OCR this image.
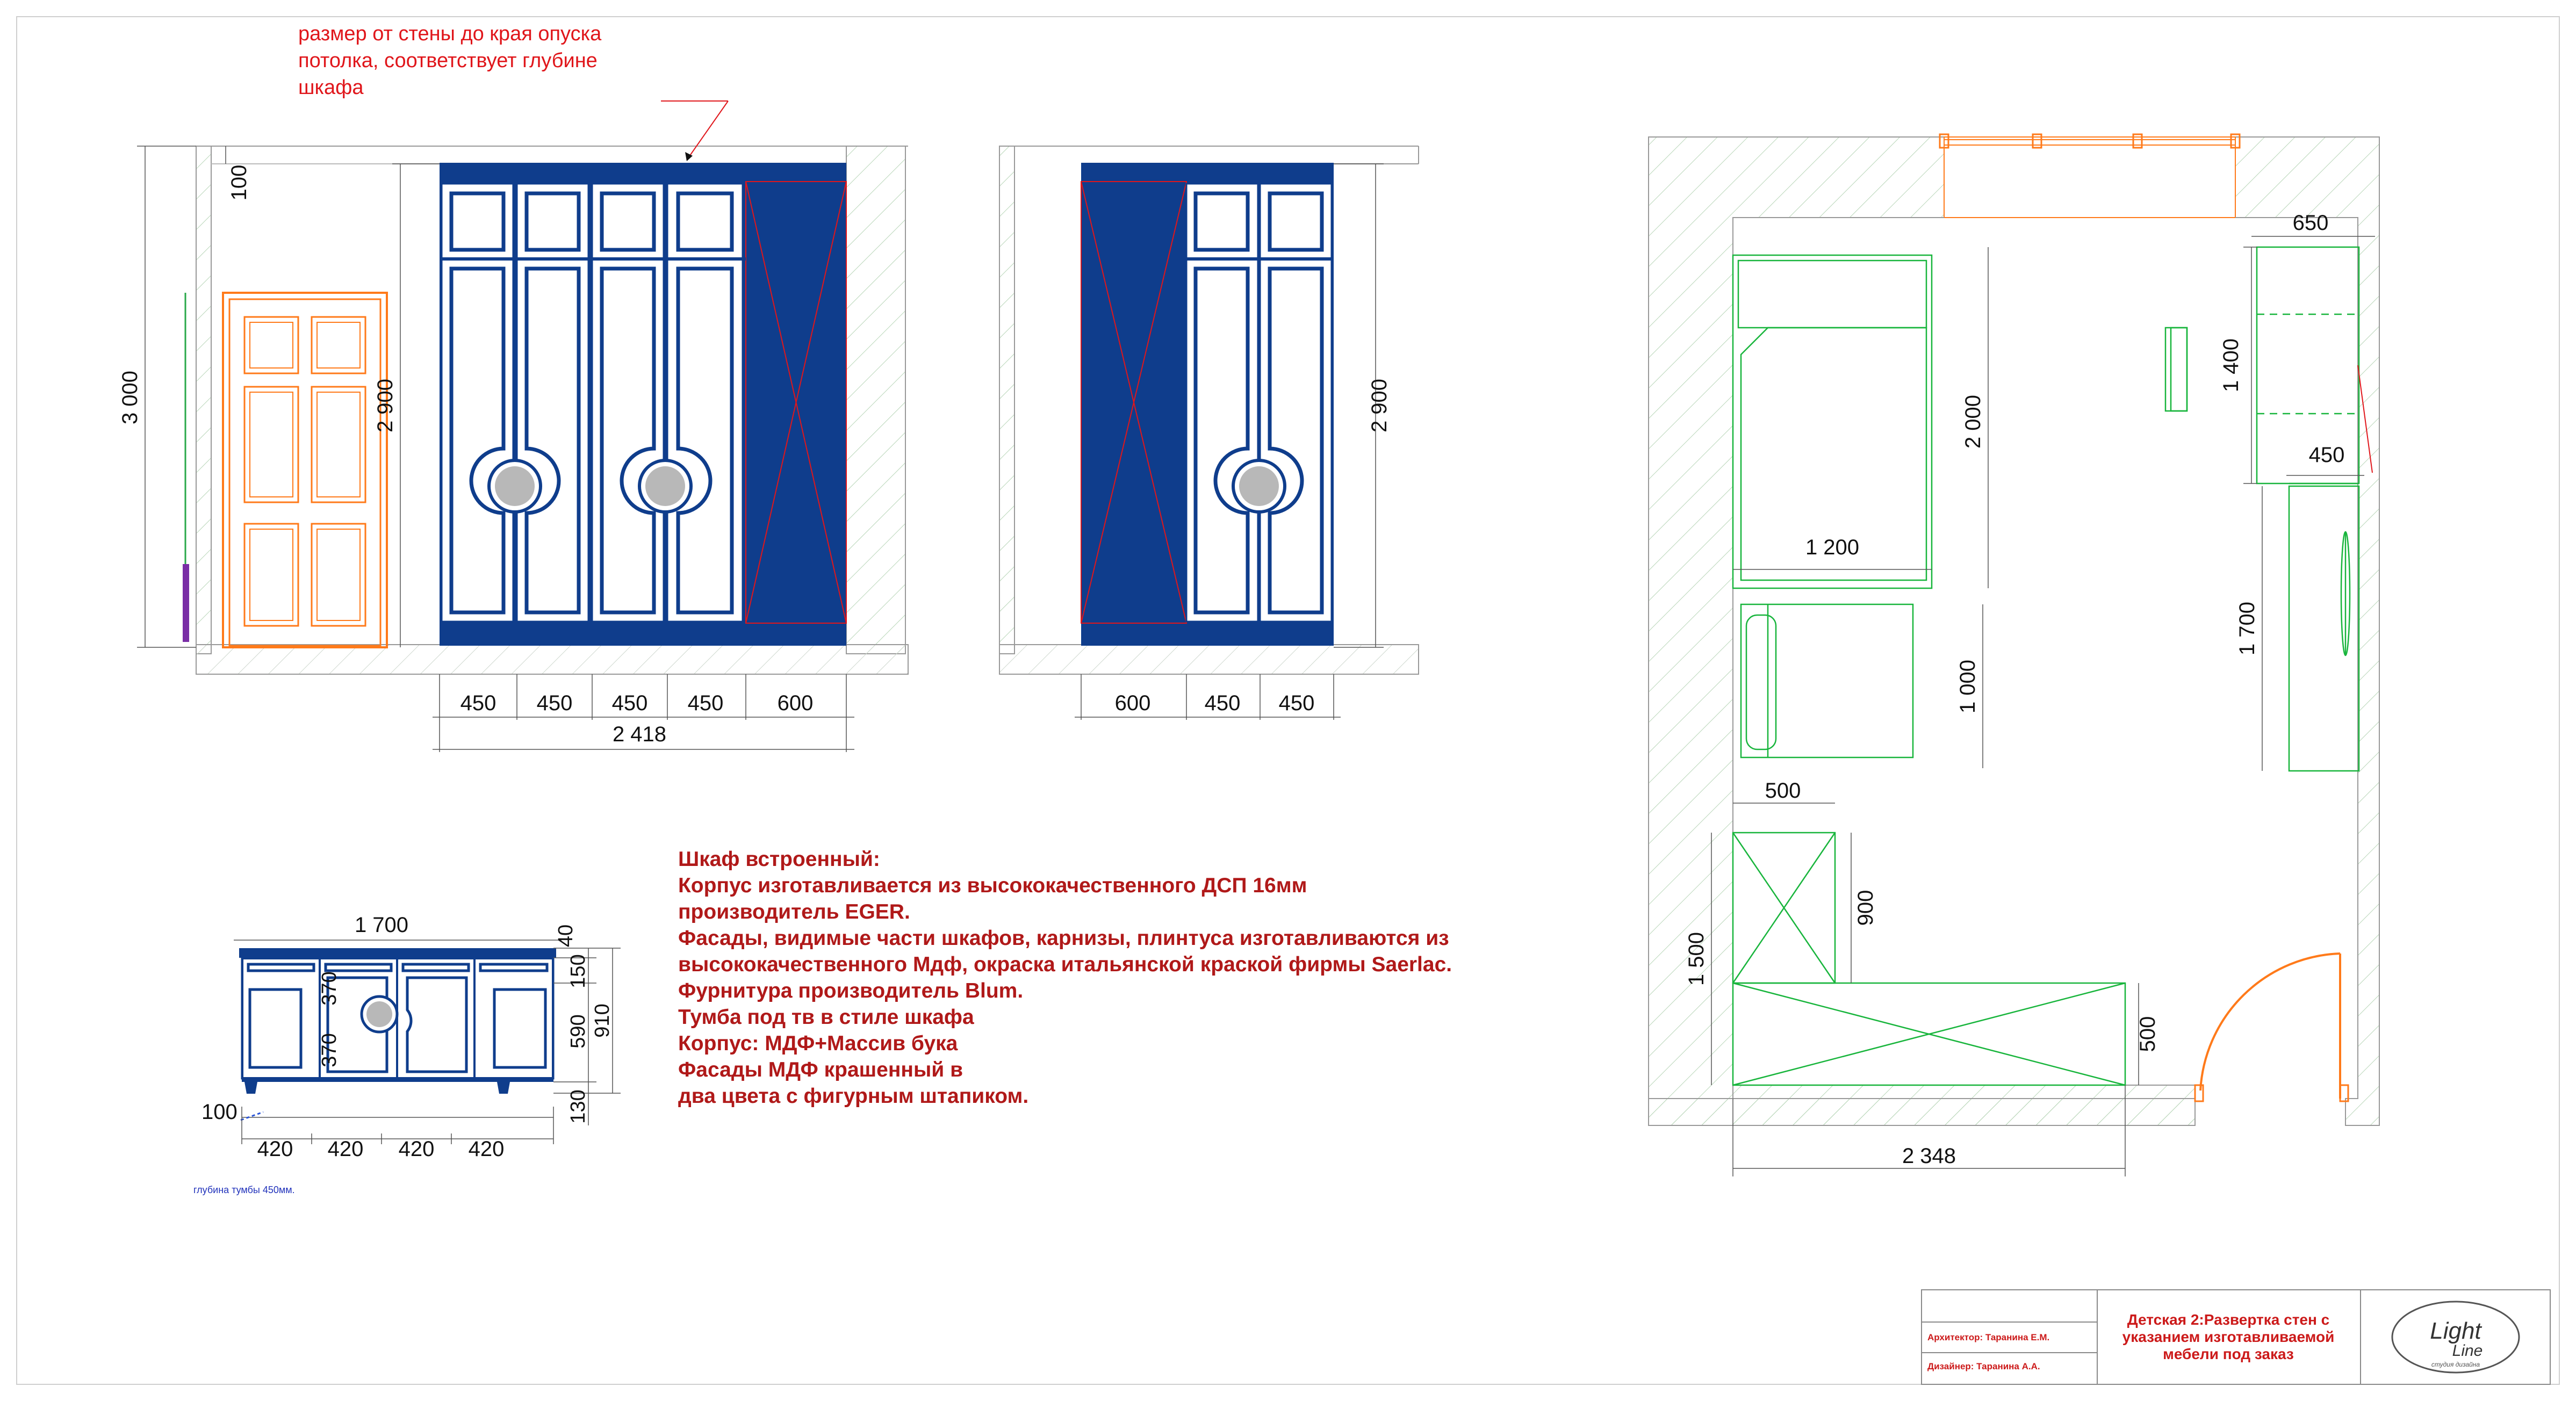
размер от стены до края опуска
потолка, соответствует глубине
шкафа
3 000	2 900
100
450 450 450 450	600
2 418
2 900
600	450 450
1 700	40
150
590
130
910
370
370
100
420 420 420 420
650
1 400
450
1 700
2 000
1 200
1 000
500
900
1 500
500
2 348
Шкаф встроенный:
Корпус изготавливается из высококачественного ДСП 16мм
производитель EGER.
Фасады, видимые части шкафов, карнизы, плинтуса изготавливаются из
высококачественного Мдф, окраска итальянской краской фирмы Saerlac.
Фурнитура производитель Blum.
Тумба под тв в стиле шкафа
Корпус: МДФ+Массив бука
Фасады МДФ крашенный в
два цвета с фигурным штапиком.
глубина тумбы 450мм.
Архитектор: Таранина Е.М.
Дизайнер: Таранина А.А.
Детская 2:Развертка стен с указанием изготавливаемой мебели под заказ
Light
Line
студия дизайна
